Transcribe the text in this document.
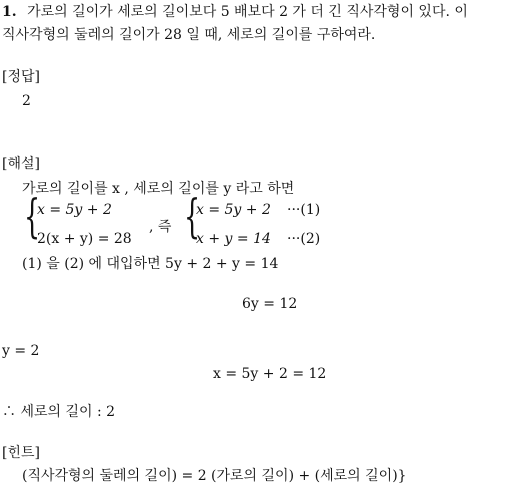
1. 가로의 길이가 세로의 길이보다 5 배보다 2 가 더 긴 직사각형이 있다. 이
직사각형의 둘레의 길이가 28 일 때, 세로의 길이를 구하여라.
[정답]
2
[해설]
가로의 길이를 x , 세로의 길이를 y 라고 하면
{
x = 5y + 2
2(x + y) = 28
, 즉 {
x = 5y + 2 ···(1)
x + y = 14 ···(2)
(1) 을 (2) 에 대입하면 5y + 2 + y = 14
6y = 12
y = 2
x = 5y + 2 = 12
∴ 세로의 길이 : 2
[힌트]
(직사각형의 둘레의 길이) = 2 (가로의 길이) + (세로의 길이)}
